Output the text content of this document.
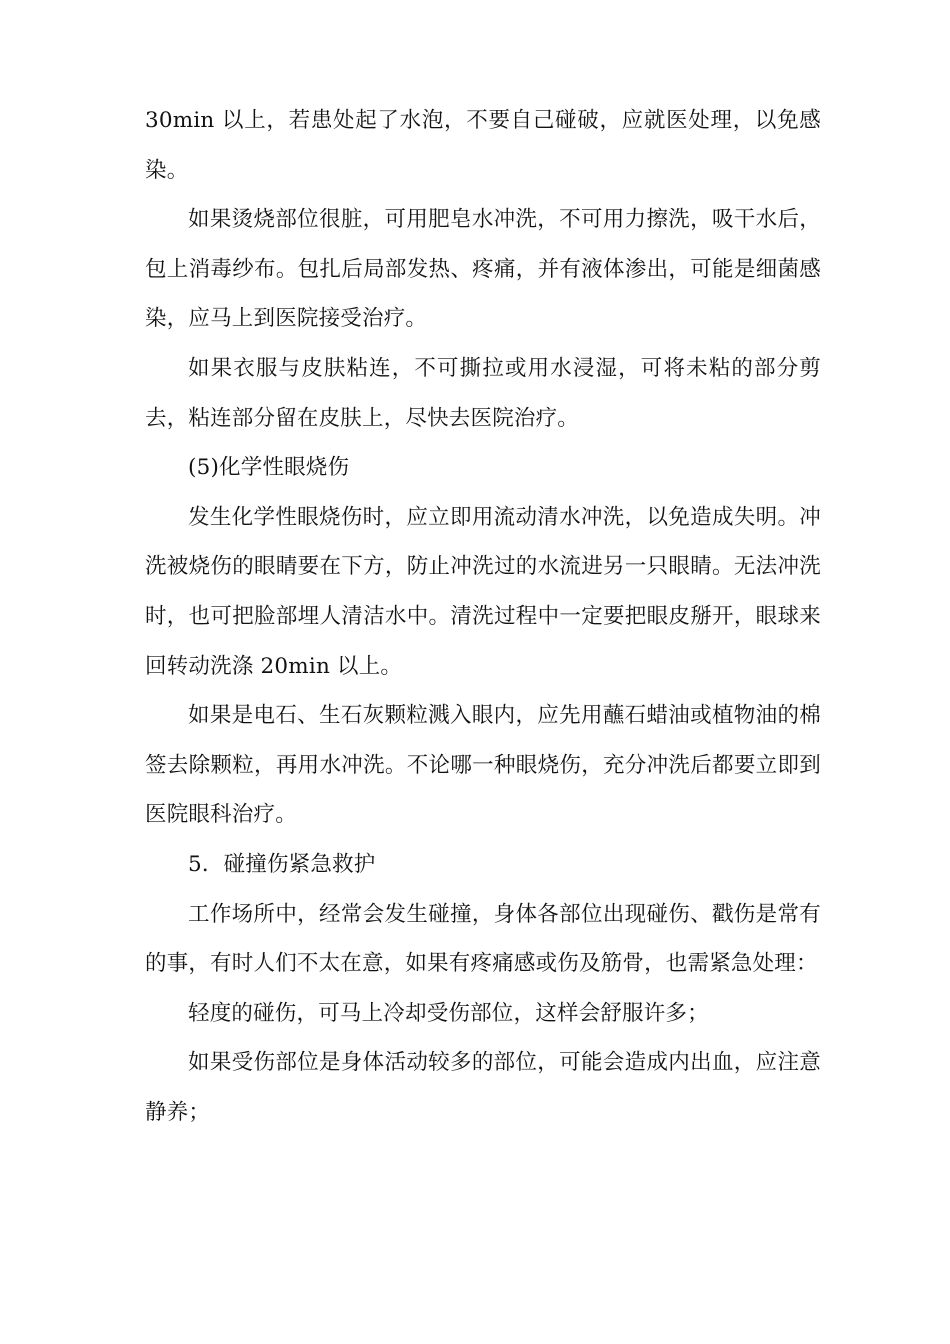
30min 以上，若患处起了水泡，不要自己碰破，应就医处理，以免感染。

如果烫烧部位很脏，可用肥皂水冲洗，不可用力擦洗，吸干水后，包上消毒纱布。包扎后局部发热、疼痛，并有液体渗出，可能是细菌感染，应马上到医院接受治疗。

如果衣服与皮肤粘连，不可撕拉或用水浸湿，可将未粘的部分剪去，粘连部分留在皮肤上，尽快去医院治疗。

(5)化学性眼烧伤

发生化学性眼烧伤时，应立即用流动清水冲洗，以免造成失明。冲洗被烧伤的眼睛要在下方，防止冲洗过的水流进另一只眼睛。无法冲洗时，也可把脸部埋人清洁水中。清洗过程中一定要把眼皮掰开，眼球来回转动洗涤 20min 以上。

如果是电石、生石灰颗粒溅入眼内，应先用蘸石蜡油或植物油的棉签去除颗粒，再用水冲洗。不论哪一种眼烧伤，充分冲洗后都要立即到医院眼科治疗。

5．碰撞伤紧急救护

工作场所中，经常会发生碰撞，身体各部位出现碰伤、戳伤是常有的事，有时人们不太在意，如果有疼痛感或伤及筋骨，也需紧急处理：

轻度的碰伤，可马上冷却受伤部位，这样会舒服许多；

如果受伤部位是身体活动较多的部位，可能会造成内出血，应注意静养；
